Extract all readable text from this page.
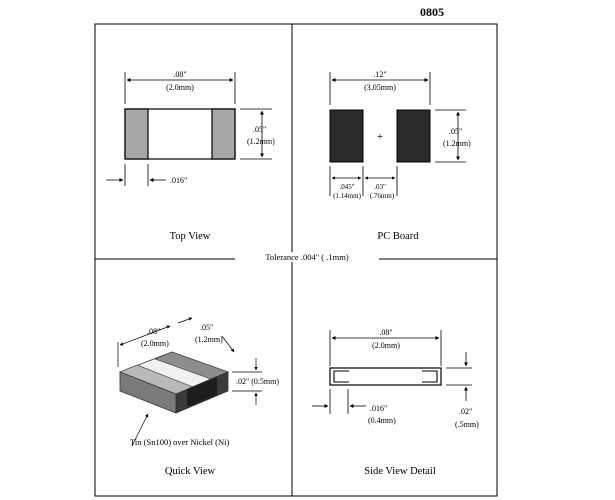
0805
.08"
(2.0mm)
.05"
(1.2mm)
.016"
+
.12"
(3.05mm)
.05"
(1.2mm)
.045"
(1.14mm)
.03"
(.76mm)
.08"
(2.0mm)
.05"
(1.2mm)
.02" (0.5mm)
Tin (Sn100) over Nickel (Ni)
.08"
(2.0mm)
.016"
(0.4mm)
.02"
(.5mm)
Top View	PC Board
Quick View	Side View Detail
Tolerance .004" ( .1mm)
